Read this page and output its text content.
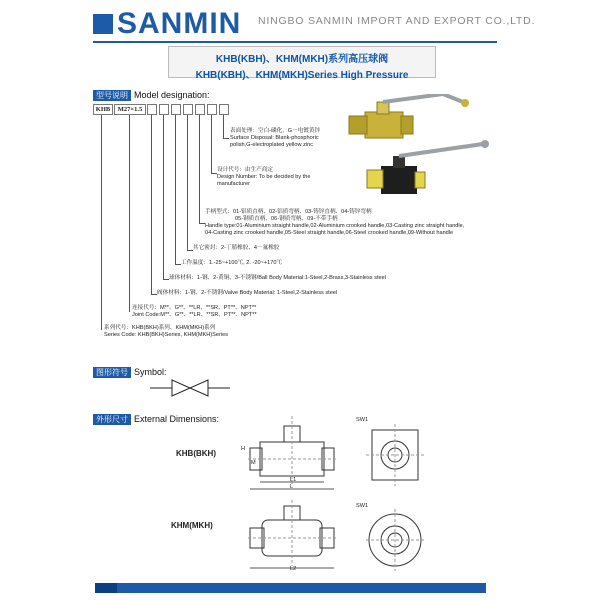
SANMIN NINGBO SANMIN IMPORT AND EXPORT CO.,LTD.
KHB(KBH)、KHM(MKH)系列高压球阀
KHB(KBH)、KHM(MKH)Series High Pressure
型号说明 Model designation:
KHB	M27×1.5
表面处理：空白-磷化，G－电镀黄锌
Surface Disposal: Blank-phosphoric
polish,G-electroplated yellow zinc
设计代号：由生产商定
Design Number: To be decided by the
manufacturer
手柄型式：01-铝质直柄、02-铝质弯柄、03-铸锌直柄、04-铸锌弯柄
05-钢质直柄、06-钢质弯柄、09-不带手柄
Handle type:01-Aluminium straight handle,02-Aluminium crooked handle,03-Casting zinc straight handle,
04-Casting zinc crooked handle,05-Steel straight handle,06-Steel crooked handle,09-Without handle
其它密封：2-丁腈橡胶、4－氟橡胶
工作温度：1.-25~+100℃, 2. -20~+170℃
球体材料：1-钢、2-黄铜、3-不锈钢/Ball Body Material:1-Steel,2-Brass,3-Stainless steel
阀体材料：1-钢、2-不锈钢/Valve Body Material: 1-Steel,2-Stainless steel
连接代号：M**、G**、**LR、**SR、PT**、NPT**
Joint Code:M**、G**、**LR、**SR、PT**、NPT**
系列代号：KHB(BKH)系列、KHM(MKH)系列
Series Code: KHB(BKH)Series, KHM(MKH)Series
图形符号 Symbol:
外形尺寸 External Dimensions:
KHB(BKH)
KHM(MKH)
L1
L
H
M
SW1
L2
SW1
